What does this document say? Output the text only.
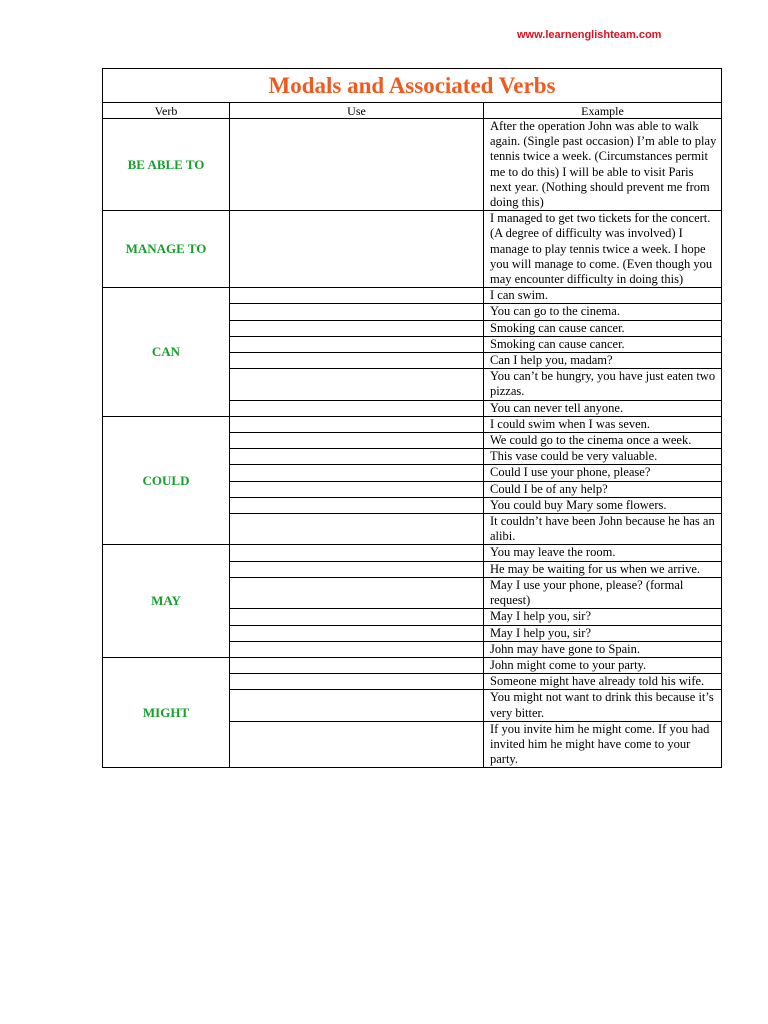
www.learnenglishteam.com
Modals and Associated Verbs		
Verb	Use	Example
BE ABLE TO		After the operation John was able to walk again. (Single past occasion) I’m able to play tennis twice a week. (Circumstances permit me to do this) I will be able to visit Paris next year. (Nothing should prevent me from doing this)
MANAGE TO		I managed to get two tickets for the concert. (A degree of difficulty was involved) I manage to play tennis twice a week. I hope you will manage to come. (Even though you may encounter difficulty in doing this)
CAN		I can swim.
		You can go to the cinema.
		Smoking can cause cancer.
		Smoking can cause cancer.
		Can I help you, madam?
		You can’t be hungry, you have just eaten two pizzas.
		You can never tell anyone.
COULD		I could swim when I was seven.
		We could go to the cinema once a week.
		This vase could be very valuable.
		Could I use your phone, please?
		Could I be of any help?
		You could buy Mary some flowers.
		It couldn’t have been John because he has an alibi.
MAY		You may leave the room.
		He may be waiting for us when we arrive.
		May I use your phone, please? (formal request)
		May I help you, sir?
		May I help you, sir?
		John may have gone to Spain.
MIGHT		John might come to your party.
		Someone might have already told his wife.
		You might not want to drink this because it’s very bitter.
		If you invite him he might come. If you had invited him he might have come to your party.
